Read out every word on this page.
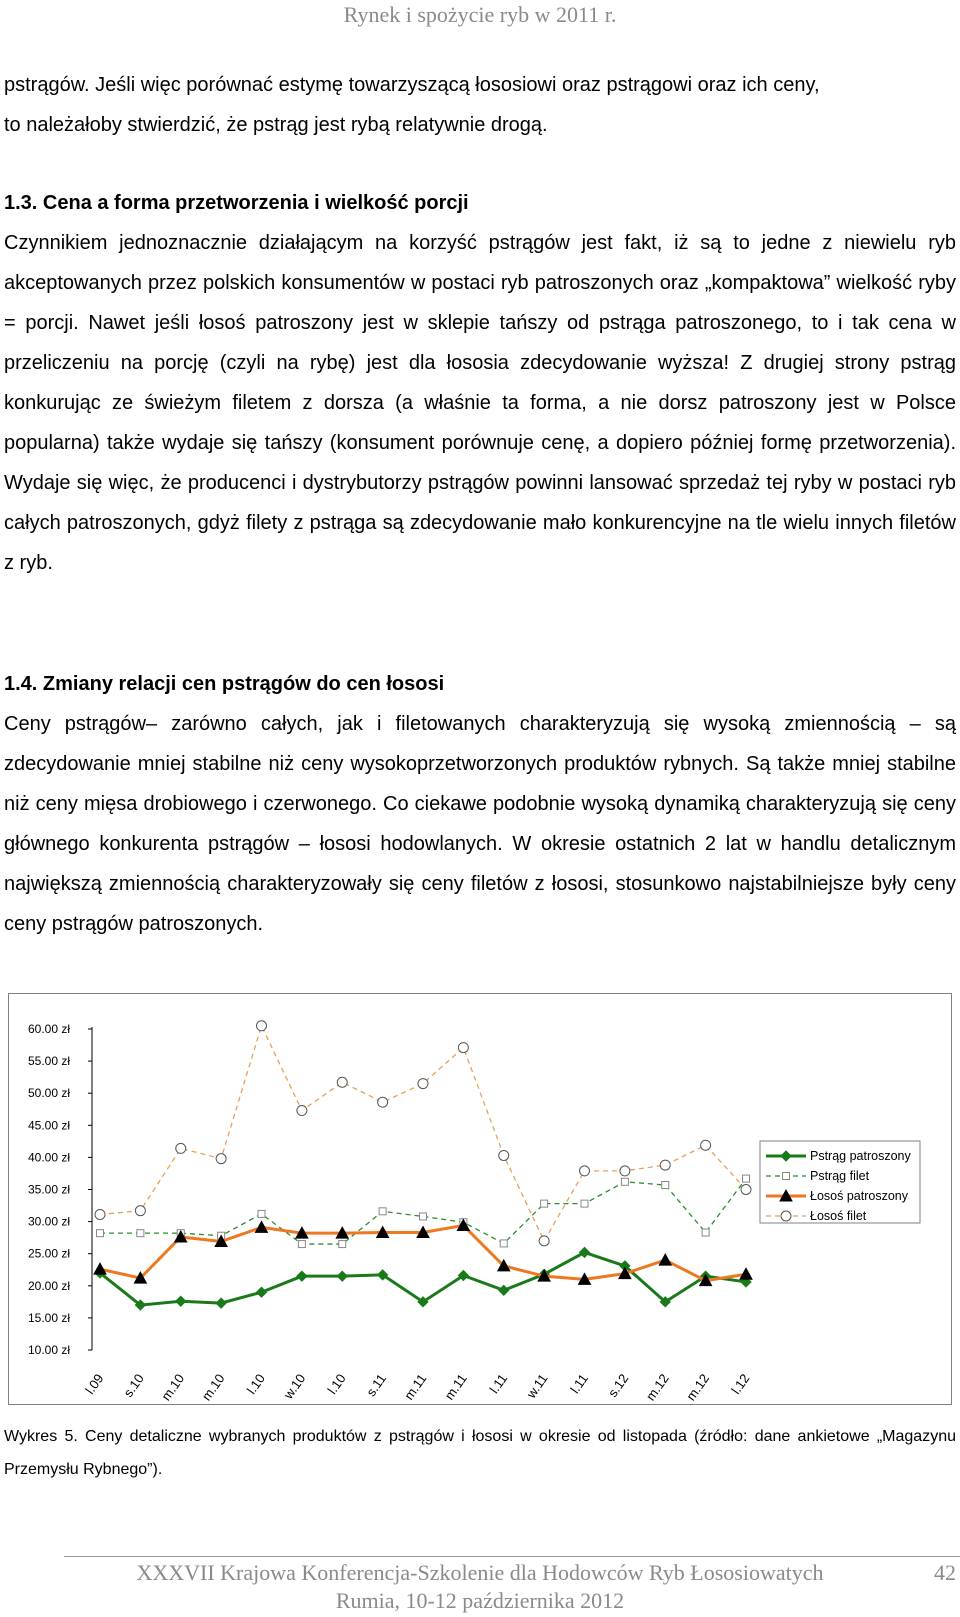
Rynek i spożycie ryb w 2011 r.

pstrągów. Jeśli więc porównać estymę towarzyszącą łososiowi oraz pstrągowi oraz ich ceny,

to należałoby stwierdzić, że pstrąg jest rybą relatywnie drogą.

1.3. Cena a forma przetworzenia i wielkość porcji

Czynnikiem jednoznacznie działającym na korzyść pstrągów jest fakt, iż są to jedne z niewielu ryb akceptowanych przez polskich konsumentów w postaci ryb patroszonych oraz „kompaktowa” wielkość ryby = porcji. Nawet jeśli łosoś patroszony jest w sklepie tańszy od pstrąga patroszonego, to i tak cena w przeliczeniu na porcję (czyli na rybę) jest dla łososia zdecydowanie wyższa! Z drugiej strony pstrąg konkurując ze świeżym filetem z dorsza (a właśnie ta forma, a nie dorsz patroszony jest w Polsce popularna) także wydaje się tańszy (konsument porównuje cenę, a dopiero później formę przetworzenia). Wydaje się więc, że producenci i dystrybutorzy pstrągów powinni lansować sprzedaż tej ryby w postaci ryb całych patroszonych, gdyż filety z pstrąga są zdecydowanie mało konkurencyjne na tle wielu innych filetów z ryb.

1.4. Zmiany relacji cen pstrągów do cen łososi

Ceny pstrągów– zarówno całych, jak i filetowanych charakteryzują się wysoką zmiennością – są zdecydowanie mniej stabilne niż ceny wysokoprzetworzonych produktów rybnych. Są także mniej stabilne niż ceny mięsa drobiowego i czerwonego. Co ciekawe podobnie wysoką dynamiką charakteryzują się ceny głównego konkurenta pstrągów – łososi hodowlanych. W okresie ostatnich 2 lat w handlu detalicznym największą zmiennością charakteryzowały się ceny filetów z łososi, stosunkowo najstabilniejsze były ceny ceny pstrągów patroszonych.

10.00 zł
15.00 zł
20.00 zł
25.00 zł
30.00 zł
35.00 zł
40.00 zł
45.00 zł
50.00 zł
55.00 zł
60.00 zł
l.09 s.10 m.10 m.10 l.10 w.10 l.10 s.11 m.11 m.11 l.11 w.11 l.11 s.12 m.12 m.12 l.12
Pstrąg patroszony
Pstrąg filet
Łosoś patroszony
Łosoś filet

Wykres 5. Ceny detaliczne wybranych produktów z pstrągów i łososi w okresie od listopada (źródło: dane ankietowe „Magazynu Przemysłu Rybnego”).

XXXVII Krajowa Konferencja-Szkolenie dla Hodowców Ryb Łososiowatych	42
Rumia, 10-12 października 2012
